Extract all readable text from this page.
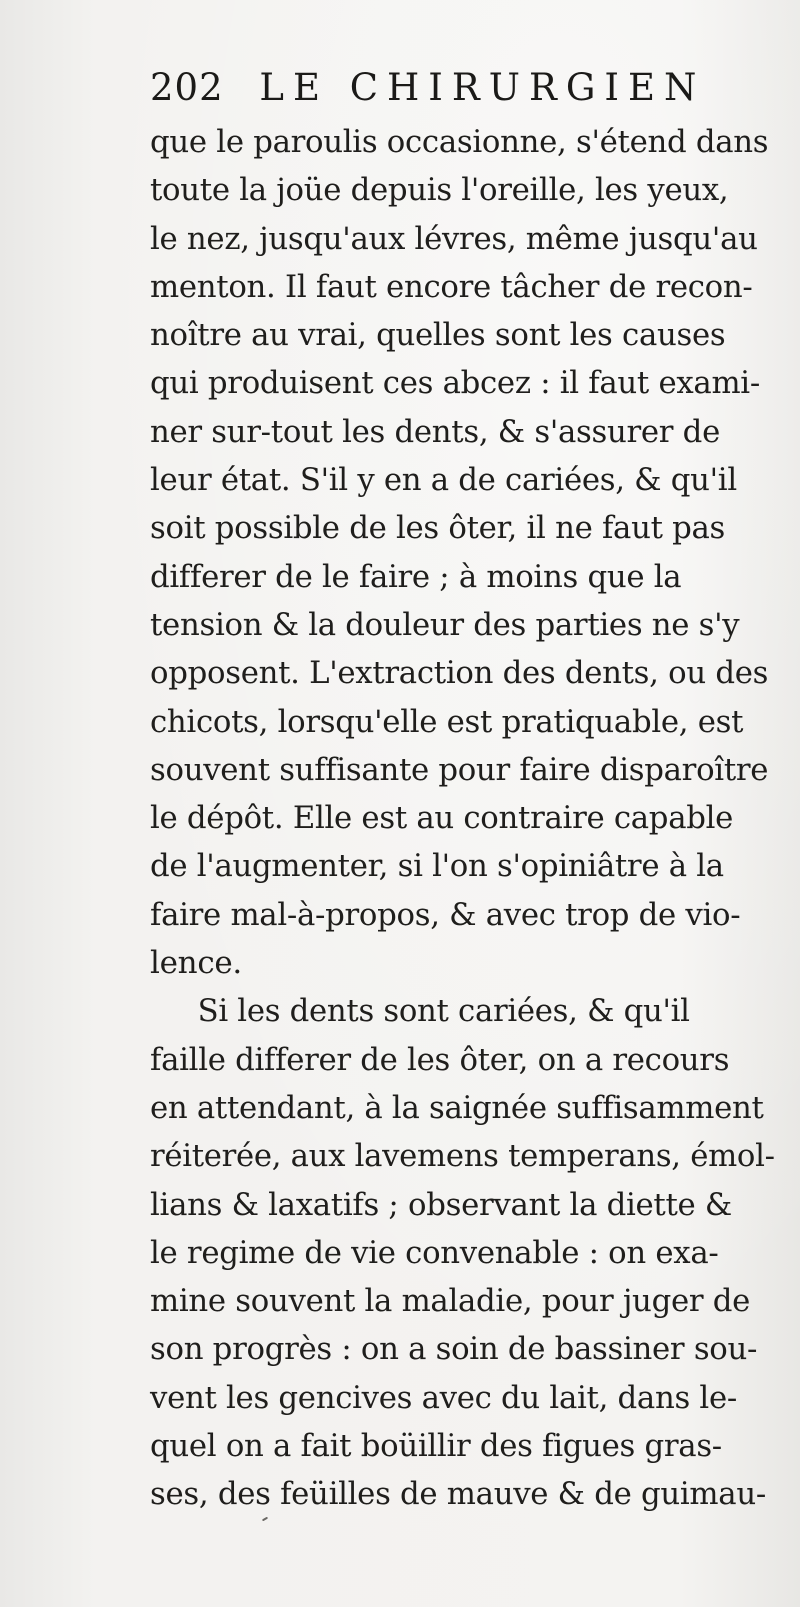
202 LE CHIRURGIEN
que le paroulis occasionne, s'étend dans
toute la joüe depuis l'oreille, les yeux,
le nez, jusqu'aux lévres, même jusqu'au
menton. Il faut encore tâcher de recon-
noître au vrai, quelles sont les causes
qui produisent ces abcez : il faut exami-
ner sur-tout les dents, & s'assurer de
leur état. S'il y en a de cariées, & qu'il
soit possible de les ôter, il ne faut pas
differer de le faire ; à moins que la
tension & la douleur des parties ne s'y
opposent. L'extraction des dents, ou des
chicots, lorsqu'elle est pratiquable, est
souvent suffisante pour faire disparoître
le dépôt. Elle est au contraire capable
de l'augmenter, si l'on s'opiniâtre à la
faire mal-à-propos, & avec trop de vio-
lence.
Si les dents sont cariées, & qu'il
faille differer de les ôter, on a recours
en attendant, à la saignée suffisamment
réiterée, aux lavemens temperans, émol-
lians & laxatifs ; observant la diette &
le regime de vie convenable : on exa-
mine souvent la maladie, pour juger de
son progrès : on a soin de bassiner sou-
vent les gencives avec du lait, dans le-
quel on a fait boüillir des figues gras-
ses, des feüilles de mauve & de guimau-
